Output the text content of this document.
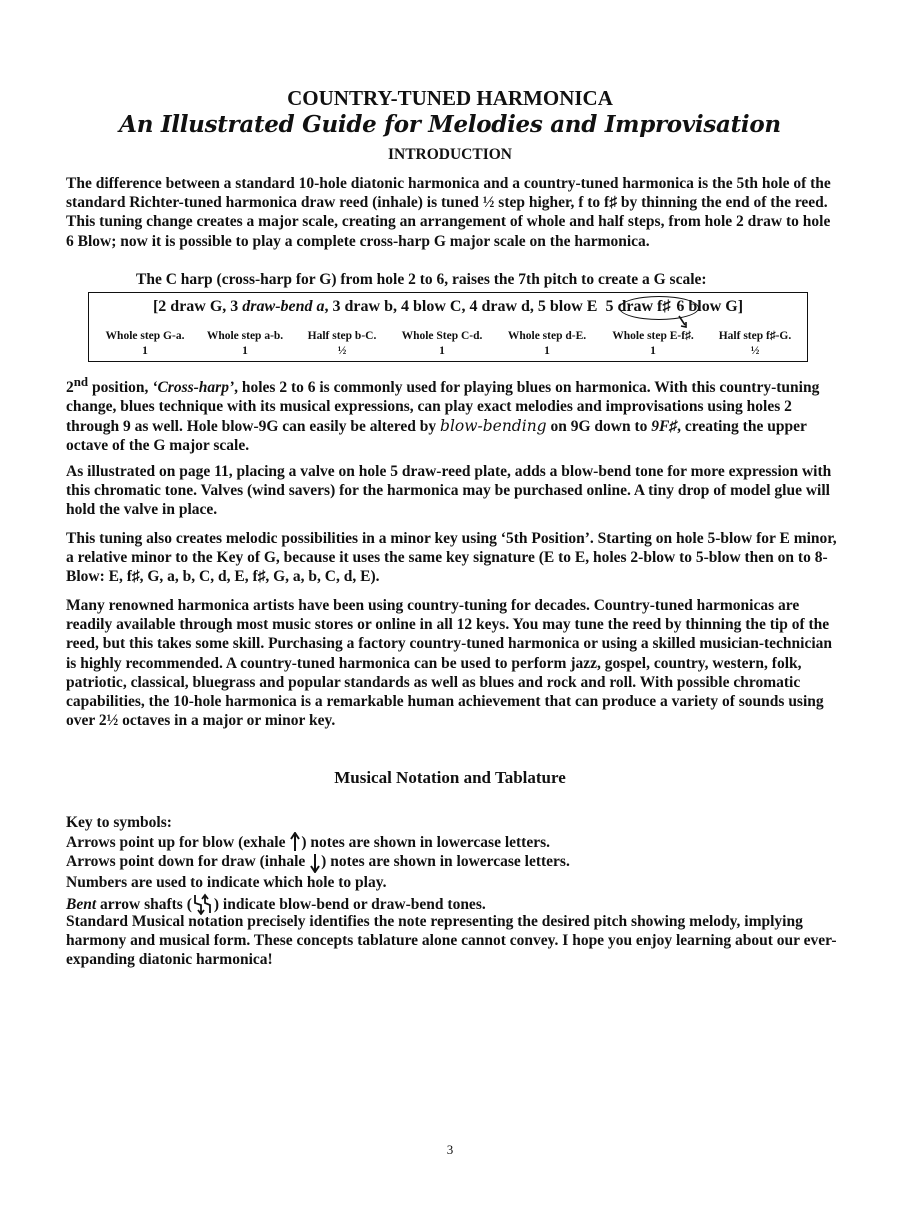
COUNTRY-TUNED HARMONICA
An Illustrated Guide for Melodies and Improvisation
INTRODUCTION

The difference between a standard 10-hole diatonic harmonica and a country-tuned harmonica is the 5th hole of the standard Richter-tuned harmonica draw reed (inhale) is tuned ½ step higher, f to f♯ by thinning the end of the reed. This tuning change creates a major scale, creating an arrangement of whole and half steps, from hole 2 draw to hole 6 Blow; now it is possible to play a complete cross-harp G major scale on the harmonica.

The C harp (cross-harp for G) from hole 2 to 6, raises the 7th pitch to create a G scale:

[2 draw G, 3 draw-bend a, 3 draw b, 4 blow C, 4 draw d, 5 blow E 5 draw f♯ 6 blow G]
Whole step G-a.
1
Whole step a-b.
1
Half step b-C.
½
Whole Step C-d.
1
Whole step d-E.
1
Whole step E-f♯.
1
Half step f♯-G.
½

2nd position, ‘Cross-harp’, holes 2 to 6 is commonly used for playing blues on harmonica. With this country-tuning change, blues technique with its musical expressions, can play exact melodies and improvisations using holes 2 through 9 as well. Hole blow-9G can easily be altered by blow-bending on 9G down to 9F♯, creating the upper octave of the G major scale.

As illustrated on page 11, placing a valve on hole 5 draw-reed plate, adds a blow-bend tone for more expression with this chromatic tone. Valves (wind savers) for the harmonica may be purchased online. A tiny drop of model glue will hold the valve in place.

This tuning also creates melodic possibilities in a minor key using ‘5th Position’. Starting on hole 5-blow for E minor, a relative minor to the Key of G, because it uses the same key signature (E to E, holes 2-blow to 5-blow then on to 8-Blow: E, f♯, G, a, b, C, d, E, f♯, G, a, b, C, d, E).

Many renowned harmonica artists have been using country-tuning for decades. Country-tuned harmonicas are readily available through most music stores or online in all 12 keys. You may tune the reed by thinning the tip of the reed, but this takes some skill. Purchasing a factory country-tuned harmonica or using a skilled musician-technician is highly recommended. A country-tuned harmonica can be used to perform jazz, gospel, country, western, folk, patriotic, classical, bluegrass and popular standards as well as blues and rock and roll. With possible chromatic capabilities, the 10-hole harmonica is a remarkable human achievement that can produce a variety of sounds using over 2½ octaves in a major or minor key.

Musical Notation and Tablature
Key to symbols:
Arrows point up for blow (exhale ) notes are shown in lowercase letters.
Arrows point down for draw (inhale ) notes are shown in lowercase letters.
Numbers are used to indicate which hole to play.
Bent arrow shafts ( ) indicate blow-bend or draw-bend tones.

Standard Musical notation precisely identifies the note representing the desired pitch showing melody, implying harmony and musical form. These concepts tablature alone cannot convey. I hope you enjoy learning about our ever-expanding diatonic harmonica!

3
